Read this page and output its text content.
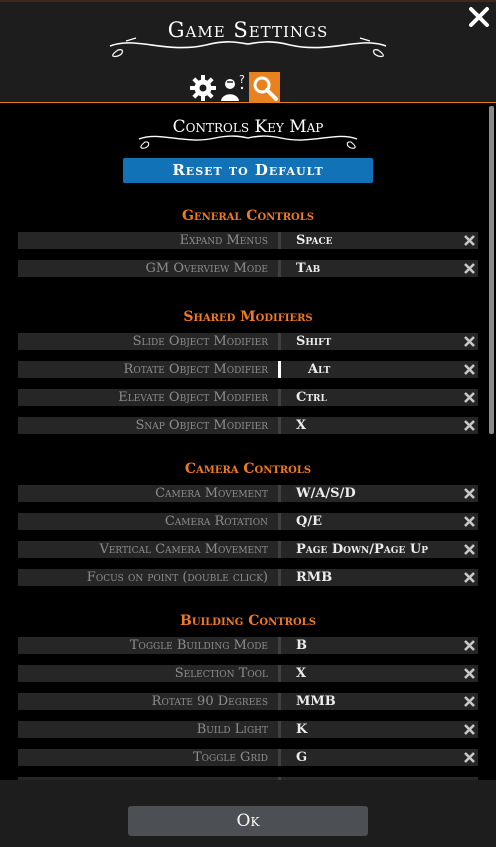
Game Settings
?
Controls Key Map
Reset to Default
General Controls
Expand Menus	Space
GM Overview Mode	Tab
Shared Modifiers
Slide Object Modifier	Shift
Rotate Object Modifier	Alt
Elevate Object Modifier	Ctrl
Snap Object Modifier	X
Camera Controls
Camera Movement	W/A/S/D
Camera Rotation	Q/E
Vertical Camera Movement	Page Down/Page Up
Focus on point (double click)	RMB
Building Controls
Toggle Building Mode	B
Selection Tool	X
Rotate 90 Degrees	MMB
Build Light	K
Toggle Grid	G
Ok
